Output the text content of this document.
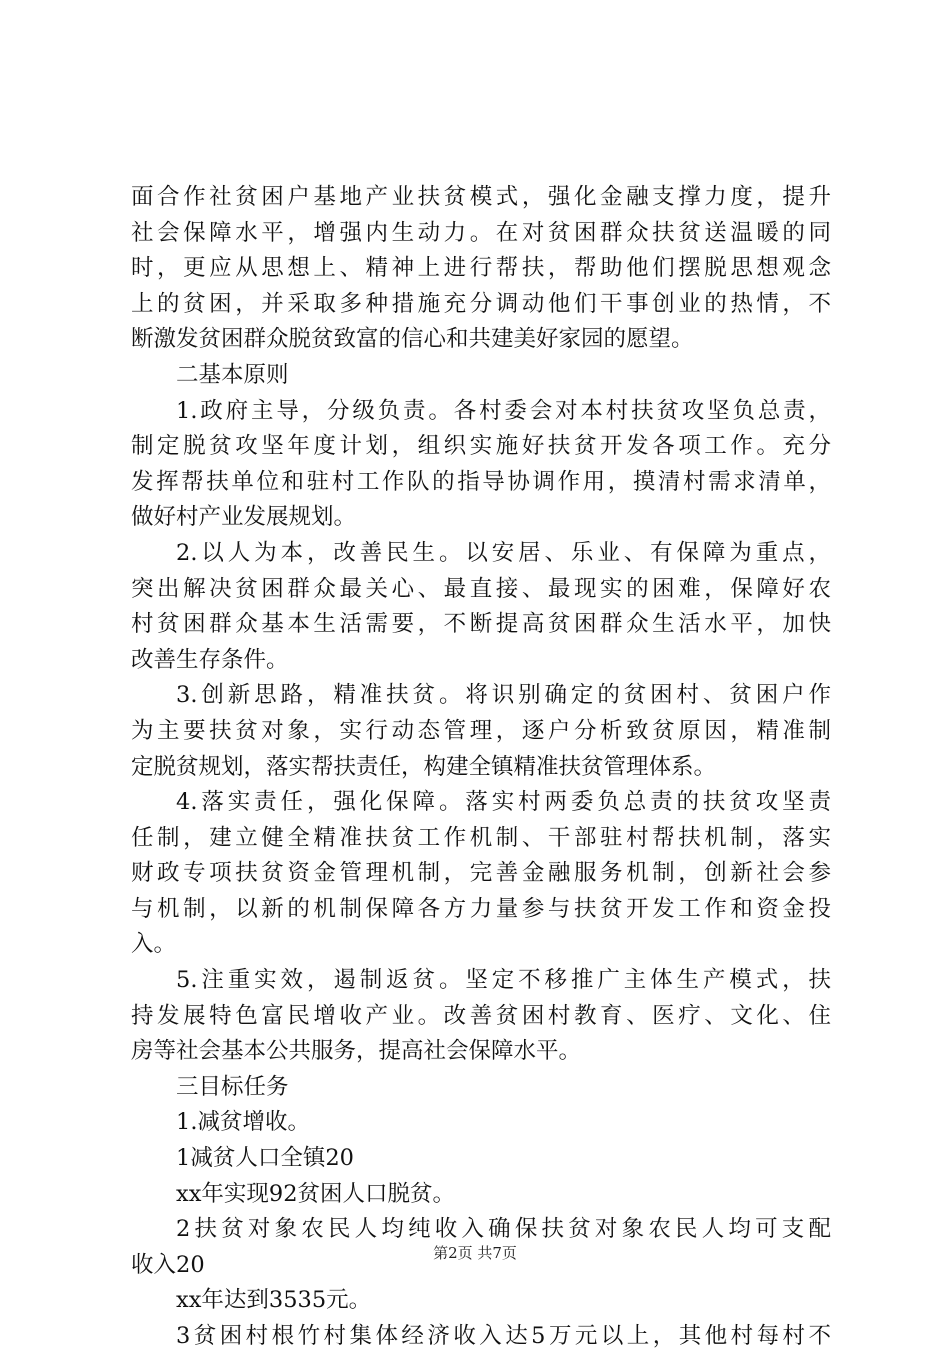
面合作社贫困户基地产业扶贫模式，强化金融支撑力度，提升
社会保障水平，增强内生动力。在对贫困群众扶贫送温暖的同
时，更应从思想上、精神上进行帮扶，帮助他们摆脱思想观念
上的贫困，并采取多种措施充分调动他们干事创业的热情，不
断激发贫困群众脱贫致富的信心和共建美好家园的愿望。
二基本原则
1.政府主导，分级负责。各村委会对本村扶贫攻坚负总责，
制定脱贫攻坚年度计划，组织实施好扶贫开发各项工作。充分
发挥帮扶单位和驻村工作队的指导协调作用，摸清村需求清单，
做好村产业发展规划。
2.以人为本，改善民生。以安居、乐业、有保障为重点，
突出解决贫困群众最关心、最直接、最现实的困难，保障好农
村贫困群众基本生活需要，不断提高贫困群众生活水平，加快
改善生存条件。
3.创新思路，精准扶贫。将识别确定的贫困村、贫困户作
为主要扶贫对象，实行动态管理，逐户分析致贫原因，精准制
定脱贫规划，落实帮扶责任，构建全镇精准扶贫管理体系。
4.落实责任，强化保障。落实村两委负总责的扶贫攻坚责
任制，建立健全精准扶贫工作机制、干部驻村帮扶机制，落实
财政专项扶贫资金管理机制，完善金融服务机制，创新社会参
与机制，以新的机制保障各方力量参与扶贫开发工作和资金投
入。
5.注重实效，遏制返贫。坚定不移推广主体生产模式，扶
持发展特色富民增收产业。改善贫困村教育、医疗、文化、住
房等社会基本公共服务，提高社会保障水平。
三目标任务
1.减贫增收。
1减贫人口全镇20
xx年实现92贫困人口脱贫。
2扶贫对象农民人均纯收入确保扶贫对象农民人均可支配
收入20
xx年达到3535元。
3贫困村根竹村集体经济收入达5万元以上，其他村每村不
第2页 共7页
